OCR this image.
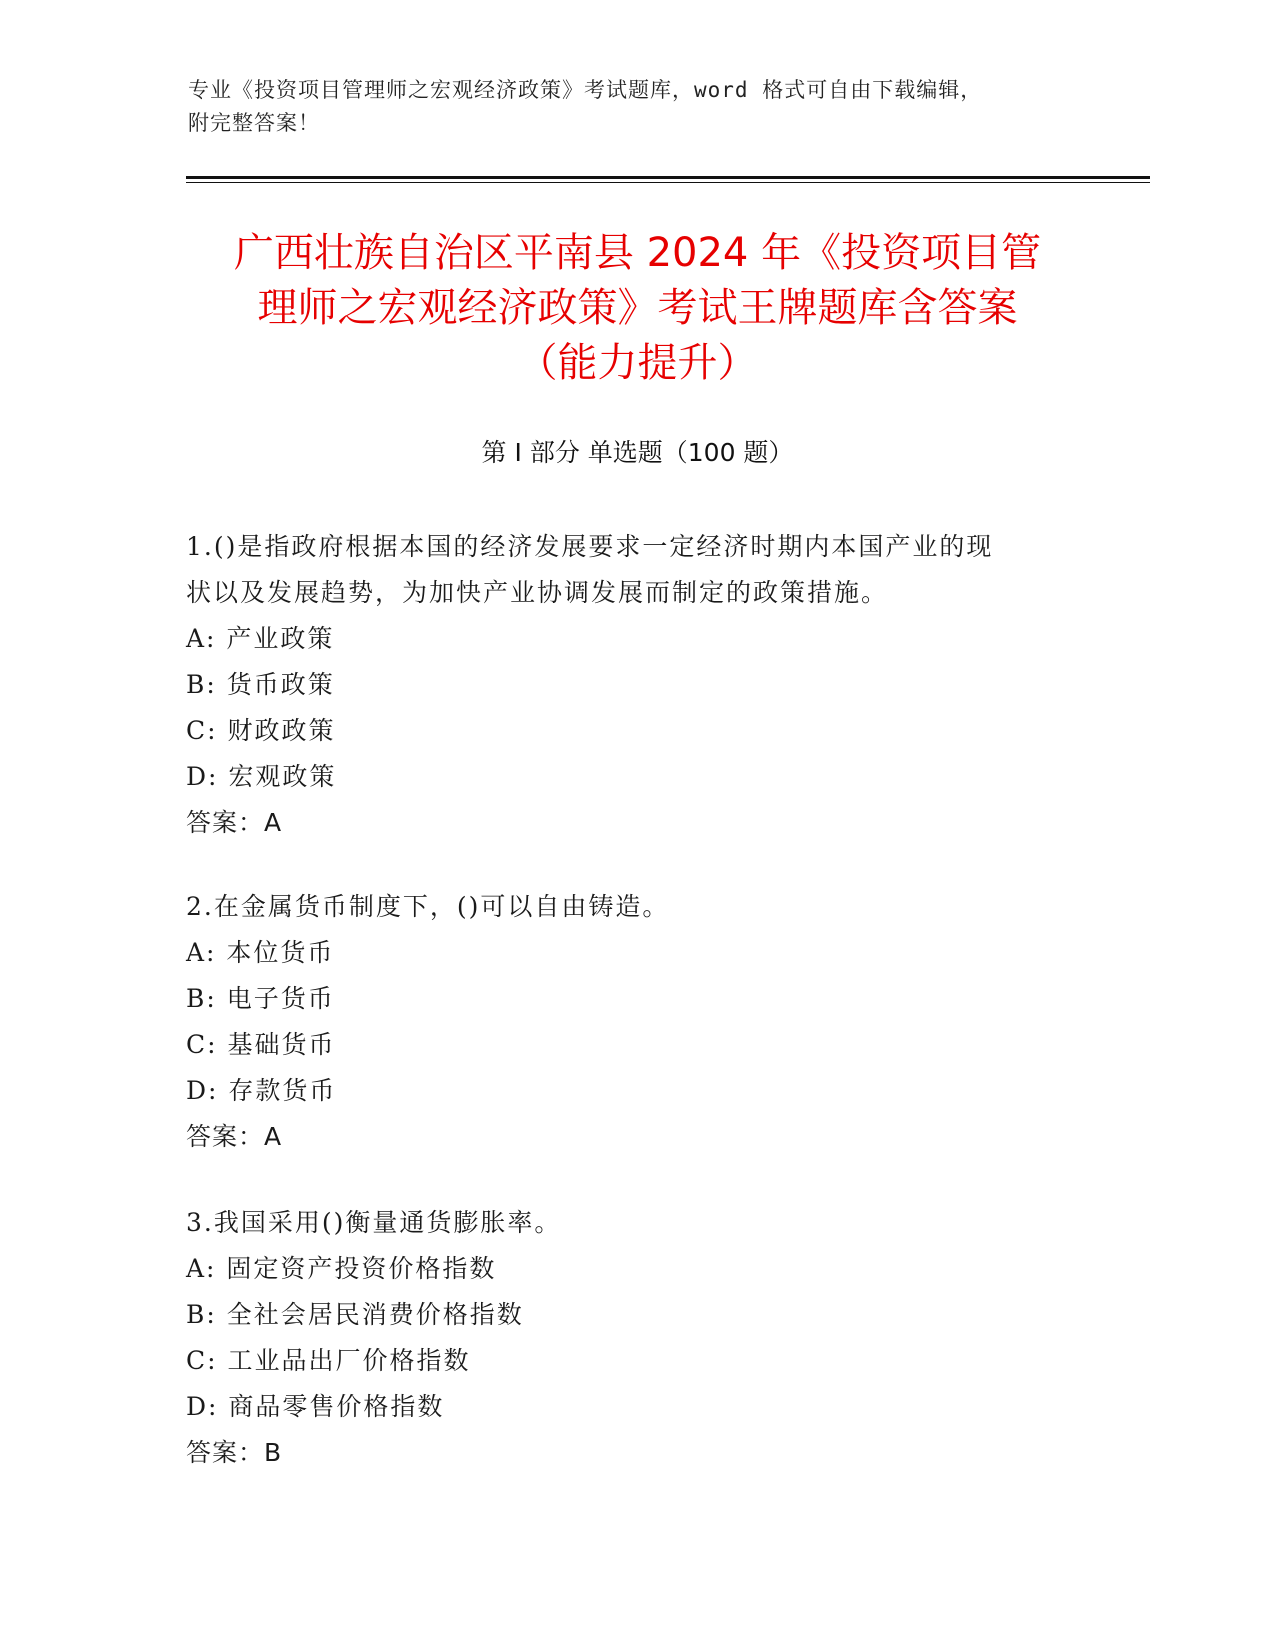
专业《投资项目管理师之宏观经济政策》考试题库，word 格式可自由下载编辑，
附完整答案！
广西壮族自治区平南县 2024 年《投资项目管
理师之宏观经济政策》考试王牌题库含答案
（能力提升）
第 I 部分 单选题（100 题）
1.()是指政府根据本国的经济发展要求一定经济时期内本国产业的现
状以及发展趋势，为加快产业协调发展而制定的政策措施。
A: 产业政策
B: 货币政策
C: 财政政策
D: 宏观政策
答案：A
2.在金属货币制度下，()可以自由铸造。
A: 本位货币
B: 电子货币
C: 基础货币
D: 存款货币
答案：A
3.我国采用()衡量通货膨胀率。
A: 固定资产投资价格指数
B: 全社会居民消费价格指数
C: 工业品出厂价格指数
D: 商品零售价格指数
答案：B
